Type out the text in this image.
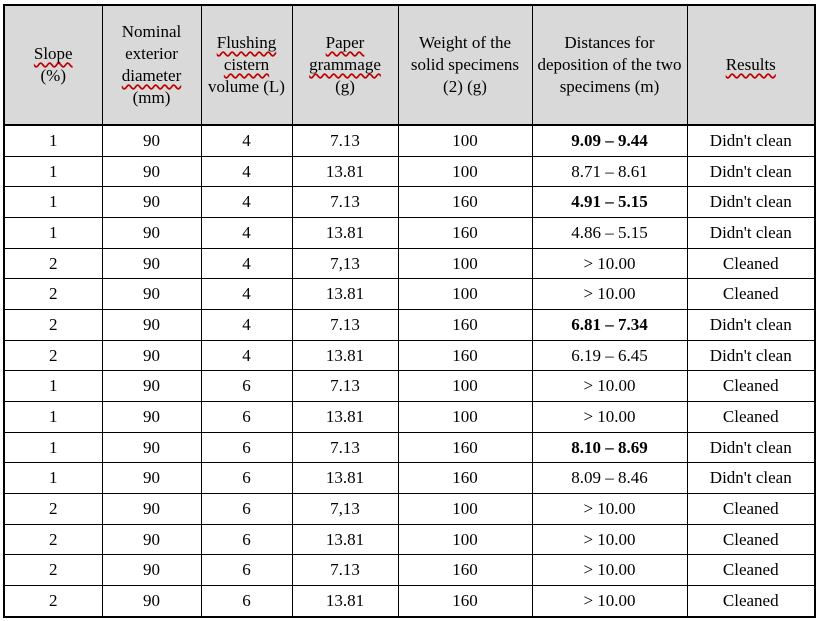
Slope (%)	Nominal exterior diameter (mm)	Flushing cistern volume (L)	Paper grammage (g)	Weight of the solid specimens (2) (g)	Distances for deposition of the two specimens (m)	Results
1	90	4	7.13	100	9.09 – 9.44	Didn't clean
1	90	4	13.81	100	8.71 – 8.61	Didn't clean
1	90	4	7.13	160	4.91 – 5.15	Didn't clean
1	90	4	13.81	160	4.86 – 5.15	Didn't clean
2	90	4	7,13	100	> 10.00	Cleaned
2	90	4	13.81	100	> 10.00	Cleaned
2	90	4	7.13	160	6.81 – 7.34	Didn't clean
2	90	4	13.81	160	6.19 – 6.45	Didn't clean
1	90	6	7.13	100	> 10.00	Cleaned
1	90	6	13.81	100	> 10.00	Cleaned
1	90	6	7.13	160	8.10 – 8.69	Didn't clean
1	90	6	13.81	160	8.09 – 8.46	Didn't clean
2	90	6	7,13	100	> 10.00	Cleaned
2	90	6	13.81	100	> 10.00	Cleaned
2	90	6	7.13	160	> 10.00	Cleaned
2	90	6	13.81	160	> 10.00	Cleaned
